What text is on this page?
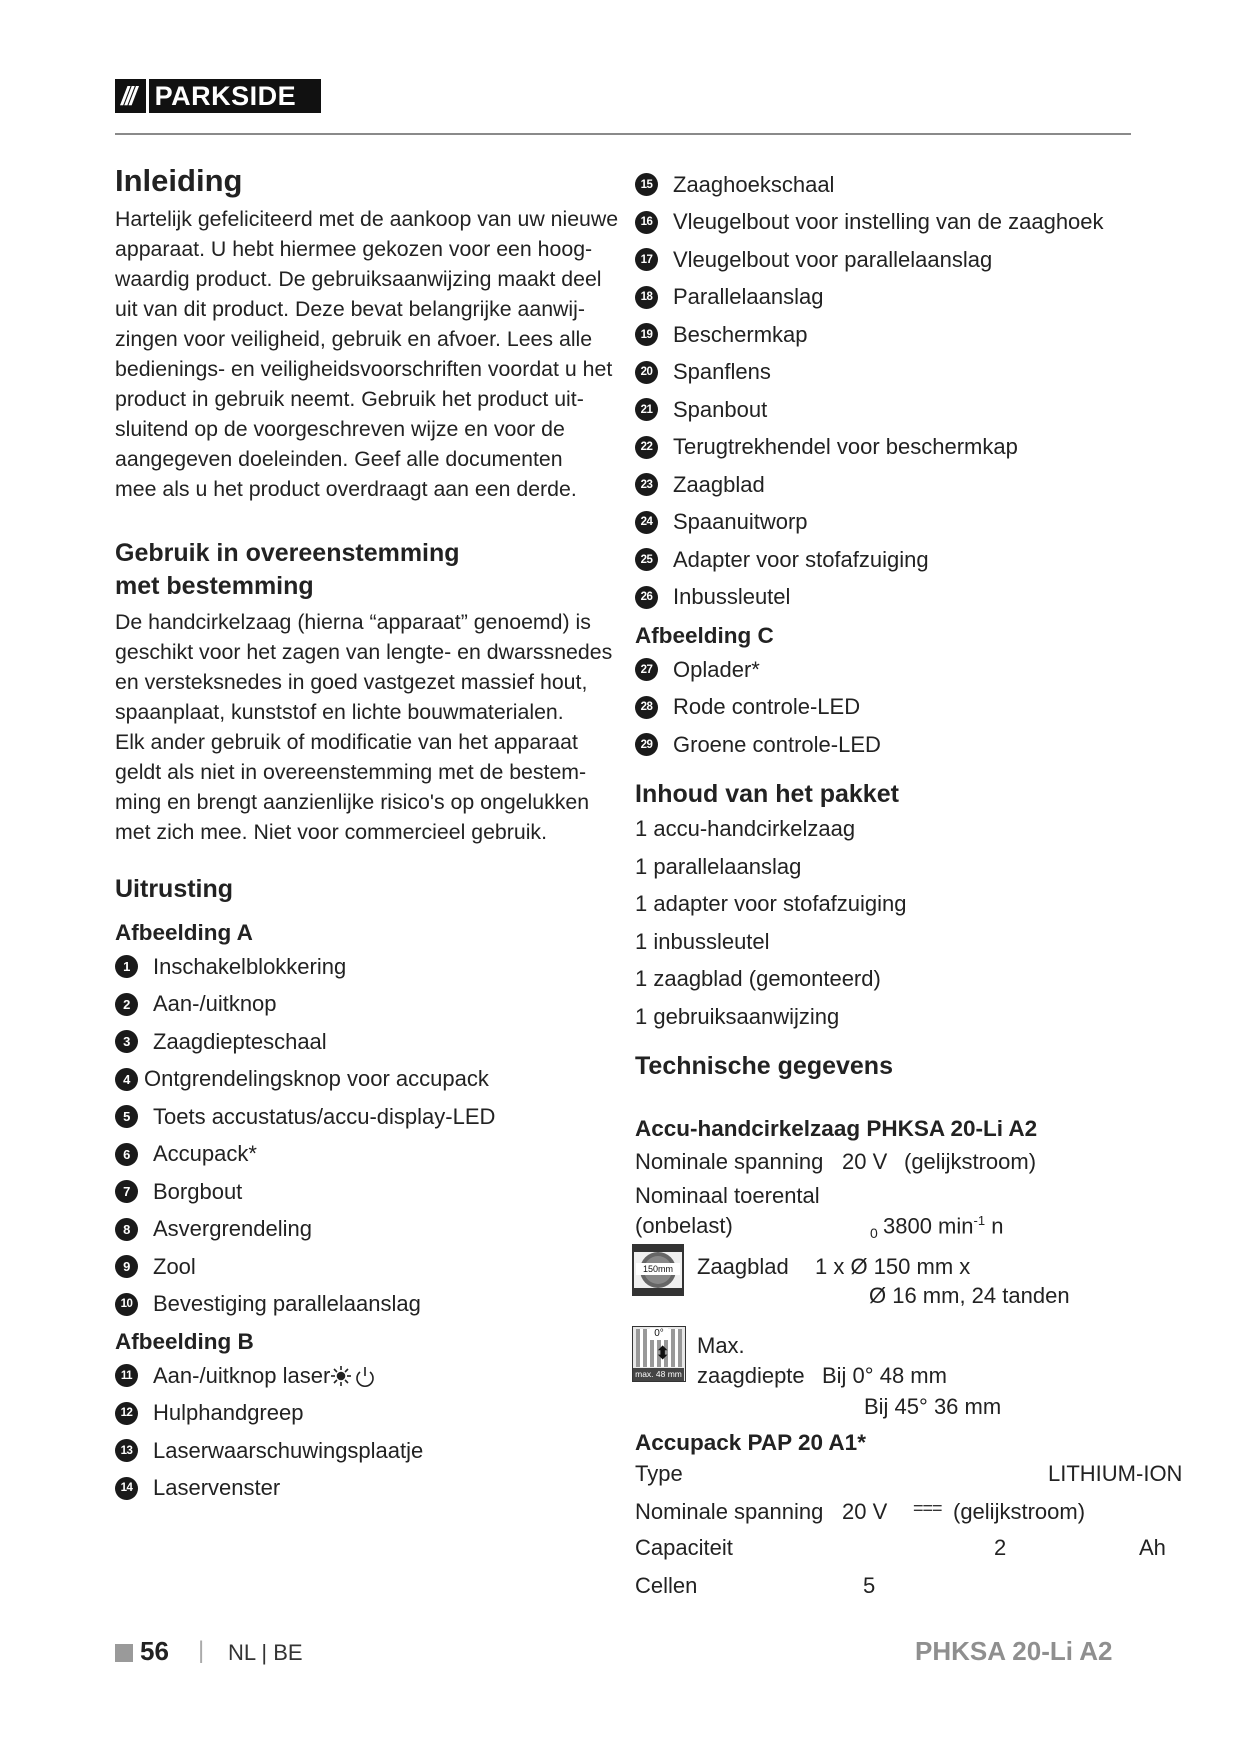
/// PARKSIDE
Inleiding
Hartelijk gefeliciteerd met de aankoop van uw nieuwe
apparaat. U hebt hiermee gekozen voor een hoog-
waardig product. De gebruiksaanwijzing maakt deel
uit van dit product. Deze bevat belangrijke aanwij-
zingen voor veiligheid, gebruik en afvoer. Lees alle
bedienings- en veiligheidsvoorschriften voordat u het
product in gebruik neemt. Gebruik het product uit-
sluitend op de voorgeschreven wijze en voor de
aangegeven doeleinden. Geef alle documenten
mee als u het product overdraagt aan een derde.
Gebruik in overeenstemming
met bestemming
De handcirkelzaag (hierna “apparaat” genoemd) is
geschikt voor het zagen van lengte- en dwarssnedes
en versteksnedes in goed vastgezet massief hout,
spaanplaat, kunststof en lichte bouwmaterialen.
Elk ander gebruik of modificatie van het apparaat
geldt als niet in overeenstemming met de bestem-
ming en brengt aanzienlijke risico's op ongelukken
met zich mee. Niet voor commercieel gebruik.
Uitrusting
Afbeelding A
1	Inschakelblokkering
2	Aan-/uitknop
3	Zaagdiepteschaal
4 Ontgrendelingsknop voor accupack
5	Toets accustatus/accu-display-LED
6	Accupack*
7	Borgbout
8	Asvergrendeling
9	Zool
10 Bevestiging parallelaanslag
Afbeelding B
11 Aan-/uitknop laser
12 Hulphandgreep
13 Laserwaarschuwingsplaatje
14 Laservenster
15 Zaaghoekschaal
16 Vleugelbout voor instelling van de zaaghoek
17 Vleugelbout voor parallelaanslag
18 Parallelaanslag
19 Beschermkap
20 Spanflens
21 Spanbout
22 Terugtrekhendel voor beschermkap
23 Zaagblad
24 Spaanuitworp
25 Adapter voor stofafzuiging
26 Inbussleutel
Afbeelding C
27 Oplader*
28 Rode controle-LED
29 Groene controle-LED
Inhoud van het pakket
1 accu-handcirkelzaag
1 parallelaanslag
1 adapter voor stofafzuiging
1 inbussleutel
1 zaagblad (gemonteerd)
1 gebruiksaanwijzing
Technische gegevens
Accu-handcirkelzaag PHKSA 20-Li A2
Nominale spanning 20 V (gelijkstroom)
Nominaal toerental
(onbelast)	0 3800 $\min^{-1} n$
150mm	Zaagblad 1 x Ø 150 mm x
Ø 16 mm, 24 tanden
0°
⬍
max. 48 mm
Max.
zaagdiepte Bij 0° 48 mm
Bij 45° 36 mm
Accupack PAP 20 A1*
Type	LITHIUM-ION
Nominale spanning 20 V === (gelijkstroom)
Capaciteit	2	Ah
Cellen	5
56 | NL | BE	PHKSA 20-Li A2
